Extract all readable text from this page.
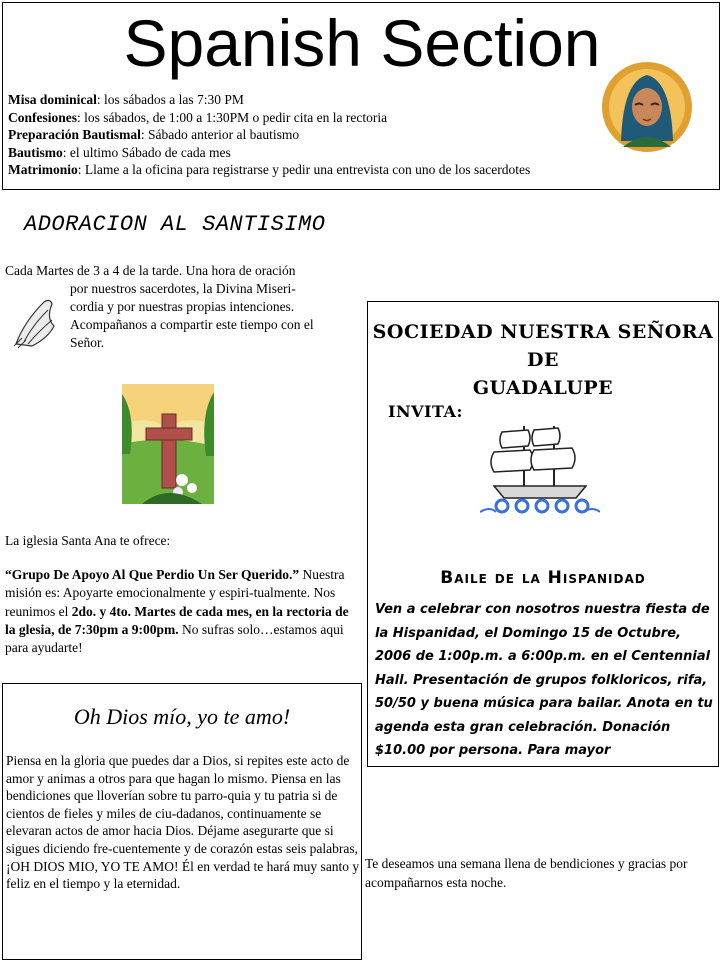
Spanish Section
Misa dominical: los sábados a las 7:30 PM
Confesiones: los sábados, de 1:00 a 1:30PM o pedir cita en la rectoria
Preparación Bautismal: Sábado anterior al bautismo
Bautismo: el ultimo Sábado de cada mes
Matrimonio: Llame a la oficina para registrarse y pedir una entrevista con uno de los sacerdotes
ADORACION AL SANTISIMO
Cada Martes de 3 a 4 de la tarde. Una hora de oración
por nuestros sacerdotes, la Divina Miseri-
cordia y por nuestras propias intenciones.
Acompañanos a compartir este tiempo con el
Señor.
La iglesia Santa Ana te ofrece:
“Grupo De Apoyo Al Que Perdio Un Ser Querido.” Nuestra misión es: Apoyarte emocionalmente y espiri-tualmente. Nos reunimos el 2do. y 4to. Martes de cada mes, en la rectoria de la glesia, de 7:30pm a 9:00pm. No sufras solo…estamos aqui para ayudarte!
Oh Dios mío, yo te amo!
Piensa en la gloria que puedes dar a Dios, si repites este acto de amor y animas a otros para que hagan lo mismo. Piensa en las bendiciones que lloverían sobre tu parro-quia y tu patria si de cientos de fieles y miles de ciu-dadanos, continuamente se elevaran actos de amor hacia Dios. Déjame asegurarte que si sigues diciendo fre-cuentemente y de corazón estas seis palabras, ¡OH DIOS MIO, YO TE AMO! Él en verdad te hará muy santo y feliz en el tiempo y la eternidad.
SOCIEDAD NUESTRA SEÑORA
DE
GUADALUPE
INVITA:
Baile de la Hispanidad
Ven a celebrar con nosotros nuestra fiesta de la Hispanidad, el Domingo 15 de Octubre, 2006 de 1:00p.m. a 6:00p.m. en el Centennial Hall. Presentación de grupos folkloricos, rifa, 50/50 y buena música para bailar. Anota en tu agenda esta gran celebración. Donación $10.00 por persona. Para mayor
Te deseamos una semana llena de bendiciones y gracias por acompañarnos esta noche.
